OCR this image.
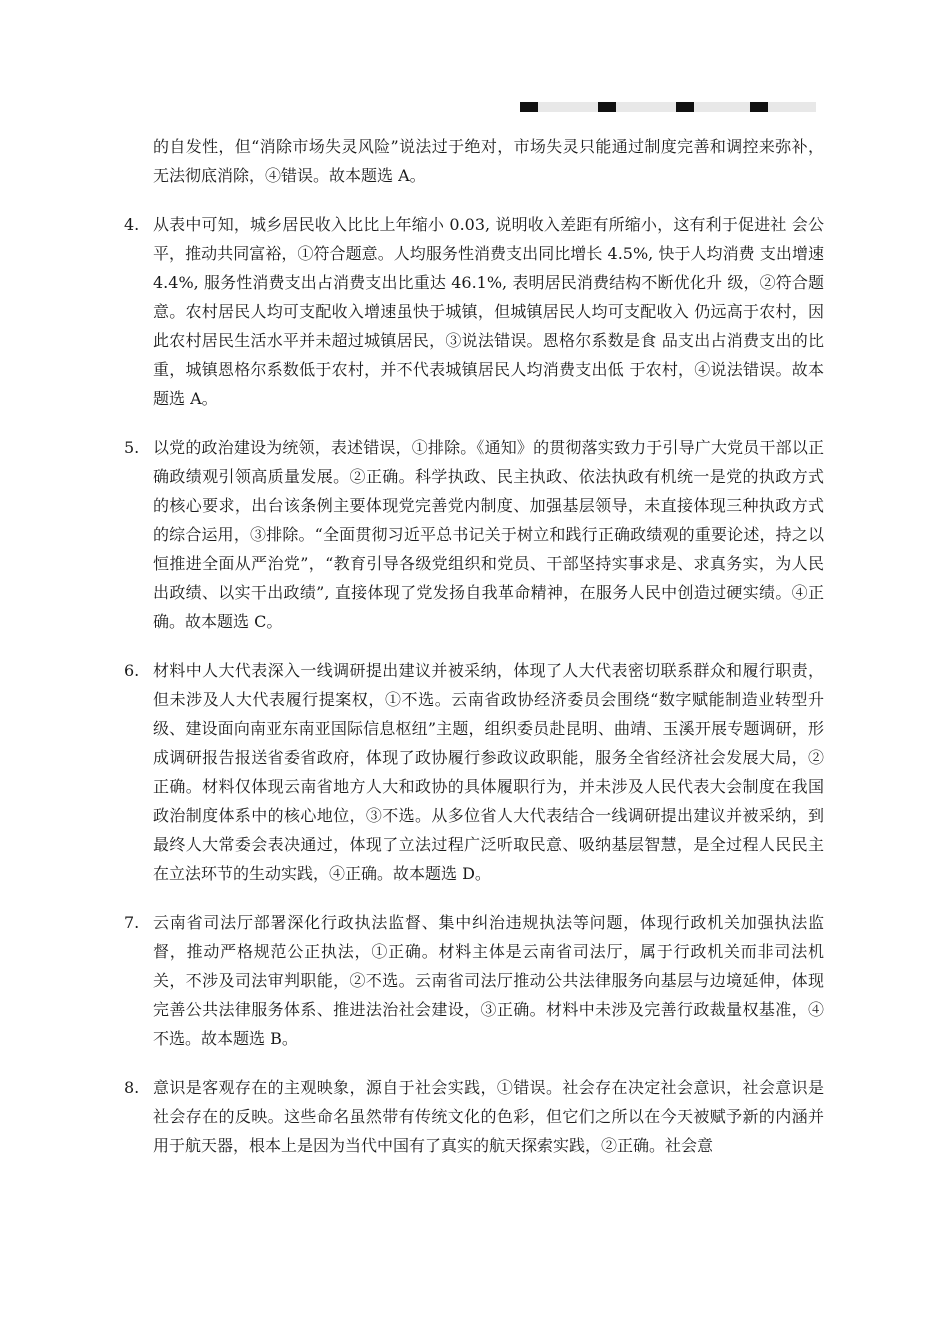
的自发性，但“消除市场失灵风险”说法过于绝对，市场失灵只能通过制度完善和调控来弥补，无法彻底消除，④错误。故本题选 A。

4. 从表中可知，城乡居民收入比比上年缩小 0.03, 说明收入差距有所缩小，这有利于促进社 会公平，推动共同富裕，①符合题意。人均服务性消费支出同比增长 4.5%, 快于人均消费 支出增速 4.4%, 服务性消费支出占消费支出比重达 46.1%, 表明居民消费结构不断优化升 级，②符合题意。农村居民人均可支配收入增速虽快于城镇，但城镇居民人均可支配收入 仍远高于农村，因此农村居民生活水平并未超过城镇居民，③说法错误。恩格尔系数是食 品支出占消费支出的比重，城镇恩格尔系数低于农村，并不代表城镇居民人均消费支出低 于农村，④说法错误。故本题选 A。
5. 以党的政治建设为统领，表述错误，①排除。《通知》的贯彻落实致力于引导广大党员干部以正确政绩观引领高质量发展。②正确。科学执政、民主执政、依法执政有机统一是党的执政方式的核心要求，出台该条例主要体现党完善党内制度、加强基层领导，未直接体现三种执政方式的综合运用，③排除。“全面贯彻习近平总书记关于树立和践行正确政绩观的重要论述，持之以恒推进全面从严治党”，“教育引导各级党组织和党员、干部坚持实事求是、求真务实，为人民出政绩、以实干出政绩”, 直接体现了党发扬自我革命精神，在服务人民中创造过硬实绩。④正确。故本题选 C。
6. 材料中人大代表深入一线调研提出建议并被采纳，体现了人大代表密切联系群众和履行职责，但未涉及人大代表履行提案权，①不选。云南省政协经济委员会围绕“数字赋能制造业转型升级、建设面向南亚东南亚国际信息枢纽”主题，组织委员赴昆明、曲靖、玉溪开展专题调研，形成调研报告报送省委省政府，体现了政协履行参政议政职能，服务全省经济社会发展大局，②正确。材料仅体现云南省地方人大和政协的具体履职行为，并未涉及人民代表大会制度在我国政治制度体系中的核心地位，③不选。从多位省人大代表结合一线调研提出建议并被采纳，到最终人大常委会表决通过，体现了立法过程广泛听取民意、吸纳基层智慧，是全过程人民民主在立法环节的生动实践，④正确。故本题选 D。
7. 云南省司法厅部署深化行政执法监督、集中纠治违规执法等问题，体现行政机关加强执法监督，推动严格规范公正执法，①正确。材料主体是云南省司法厅，属于行政机关而非司法机关，不涉及司法审判职能，②不选。云南省司法厅推动公共法律服务向基层与边境延伸，体现完善公共法律服务体系、推进法治社会建设，③正确。材料中未涉及完善行政裁量权基准，④不选。故本题选 B。
8. 意识是客观存在的主观映象，源自于社会实践，①错误。社会存在决定社会意识，社会意识是社会存在的反映。这些命名虽然带有传统文化的色彩，但它们之所以在今天被赋予新的内涵并用于航天器，根本上是因为当代中国有了真实的航天探索实践，②正确。社会意
